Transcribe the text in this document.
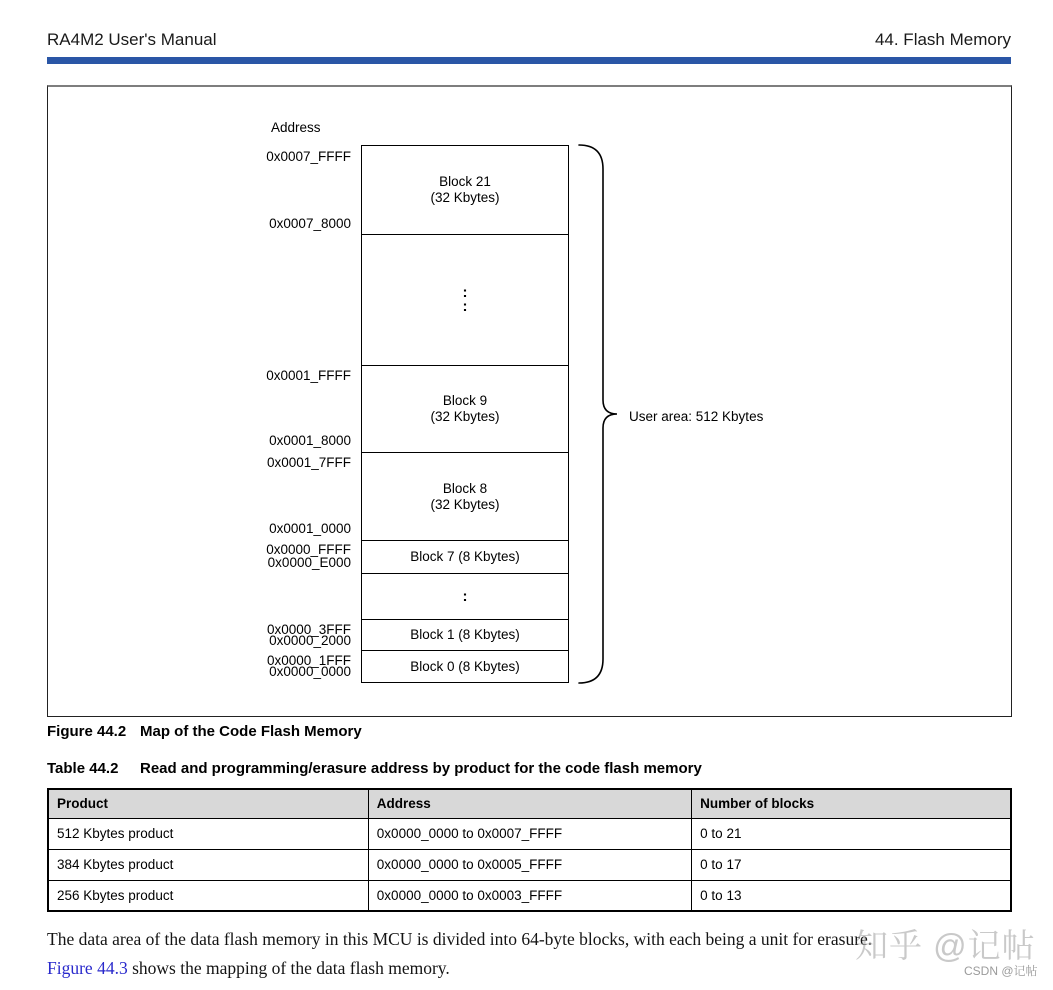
RA4M2 User's Manual	44. Flash Memory
Address
0x0007_FFFF
0x0007_8000
0x0001_FFFF
0x0001_8000
0x0001_7FFF
0x0001_0000
0x0000_FFFF
0x0000_E000
0x0000_3FFF
0x0000_2000
0x0000_1FFF
0x0000_0000
Block 21
(32 Kbytes)
:
:
Block 9
(32 Kbytes)
Block 8
(32 Kbytes)
Block 7 (8 Kbytes)
:
Block 1 (8 Kbytes)
Block 0 (8 Kbytes)
User area: 512 Kbytes
Figure 44.2 Map of the Code Flash Memory
Table 44.2 Read and programming/erasure address by product for the code flash memory
Product	Address	Number of blocks
512 Kbytes product	0x0000_0000 to 0x0007_FFFF	0 to 21
384 Kbytes product	0x0000_0000 to 0x0005_FFFF	0 to 17
256 Kbytes product	0x0000_0000 to 0x0003_FFFF	0 to 13
The data area of the data flash memory in this MCU is divided into 64-byte blocks, with each being a unit for erasure.
Figure 44.3 shows the mapping of the data flash memory.
知乎 @记帖
CSDN @记帖
